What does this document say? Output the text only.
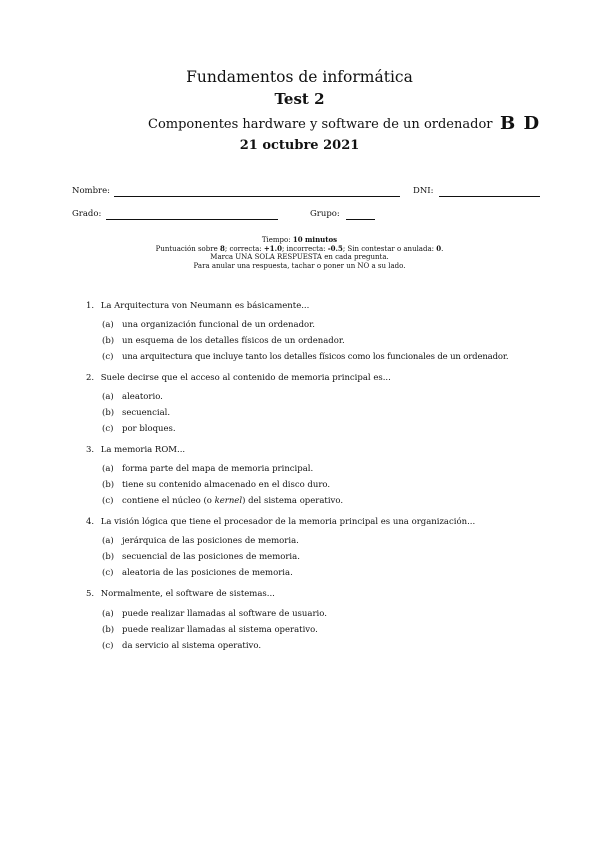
Fundamentos de informática
Test 2
Componentes hardware y software de un ordenador B D
21 octubre 2021
Nombre:	DNI:
Grado:	Grupo:
Tiempo: 10 minutos
Puntuación sobre 8; correcta: +1.0; incorrecta: -0.5; Sin contestar o anulada: 0.
Marca UNA SOLA RESPUESTA en cada pregunta.
Para anular una respuesta, tachar o poner un NO a su lado.
1. La Arquitectura von Neumann es básicamente...
(a) una organización funcional de un ordenador.
(b) un esquema de los detalles físicos de un ordenador.
(c) una arquitectura que incluye tanto los detalles físicos como los funcionales de un ordenador.
2. Suele decirse que el acceso al contenido de memoria principal es...
(a) aleatorio.
(b) secuencial.
(c) por bloques.
3. La memoria ROM...
(a) forma parte del mapa de memoria principal.
(b) tiene su contenido almacenado en el disco duro.
(c) contiene el núcleo (o kernel) del sistema operativo.
4. La visión lógica que tiene el procesador de la memoria principal es una organización...
(a) jerárquica de las posiciones de memoria.
(b) secuencial de las posiciones de memoria.
(c) aleatoria de las posiciones de memoria.
5. Normalmente, el software de sistemas...
(a) puede realizar llamadas al software de usuario.
(b) puede realizar llamadas al sistema operativo.
(c) da servicio al sistema operativo.
